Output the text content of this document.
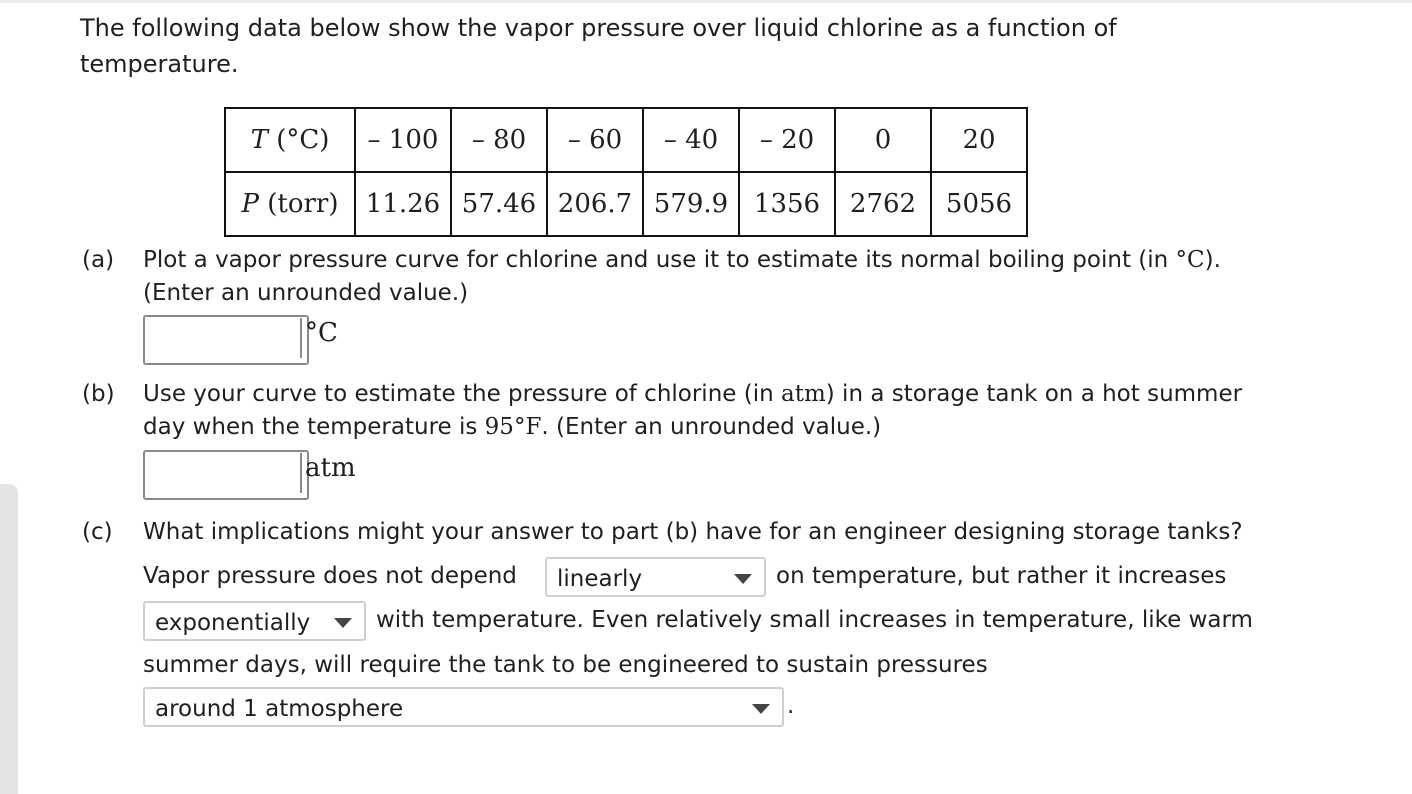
The following data below show the vapor pressure over liquid chlorine as a function of temperature.
T (°C)	– 100	– 80	– 60	– 40	– 20	0	20
P (torr)	11.26	57.46	206.7	579.9	1356	2762	5056
(a) Plot a vapor pressure curve for chlorine and use it to estimate its normal boiling point (in °C).
(Enter an unrounded value.)
°C
(b) Use your curve to estimate the pressure of chlorine (in atm) in a storage tank on a hot summer
day when the temperature is 95°F. (Enter an unrounded value.)
atm
(c) What implications might your answer to part (b) have for an engineer designing storage tanks?
Vapor pressure does not depend	linearly	on temperature, but rather it increases
exponentially	with temperature. Even relatively small increases in temperature, like warm
summer days, will require the tank to be engineered to sustain pressures
around 1 atmosphere	.
